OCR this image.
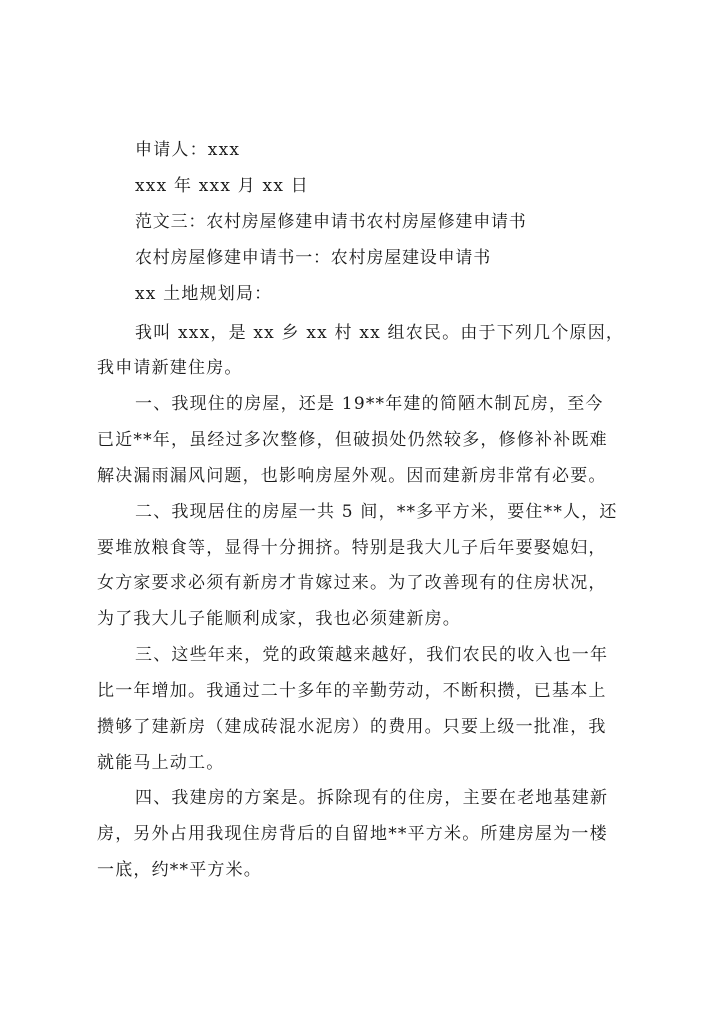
申请人：xxx
xxx 年 xxx 月 xx 日
范文三：农村房屋修建申请书农村房屋修建申请书
农村房屋修建申请书一：农村房屋建设申请书
xx 土地规划局：
我叫 xxx，是 xx 乡 xx 村 xx 组农民。由于下列几个原因，
我申请新建住房。
一、我现住的房屋，还是 19**年建的简陋木制瓦房，至今
已近**年，虽经过多次整修，但破损处仍然较多，修修补补既难
解决漏雨漏风问题，也影响房屋外观。因而建新房非常有必要。
二、我现居住的房屋一共 5 间，**多平方米，要住**人，还
要堆放粮食等，显得十分拥挤。特别是我大儿子后年要娶媳妇，
女方家要求必须有新房才肯嫁过来。为了改善现有的住房状况，
为了我大儿子能顺利成家，我也必须建新房。
三、这些年来，党的政策越来越好，我们农民的收入也一年
比一年增加。我通过二十多年的辛勤劳动，不断积攒，已基本上
攒够了建新房（建成砖混水泥房）的费用。只要上级一批准，我
就能马上动工。
四、我建房的方案是。拆除现有的住房，主要在老地基建新
房，另外占用我现住房背后的自留地**平方米。所建房屋为一楼
一底，约**平方米。
